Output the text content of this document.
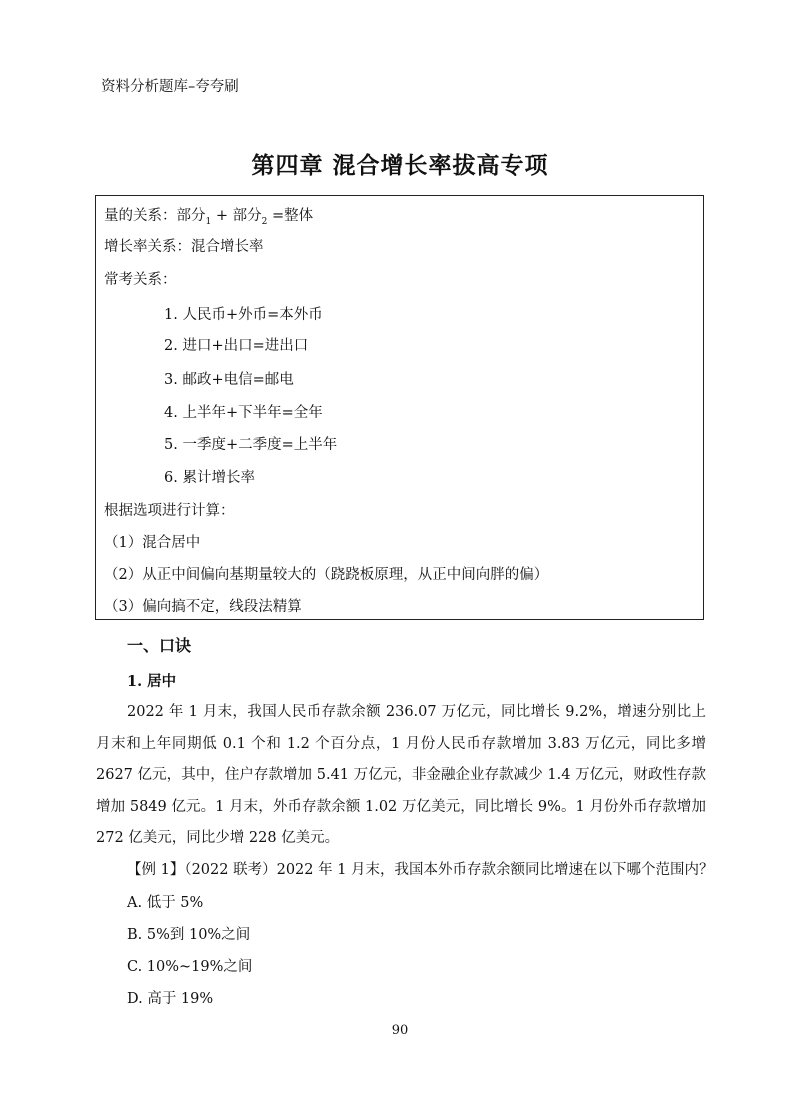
资料分析题库–夸夸刷
第四章 混合增长率拔高专项
量的关系：部分$_1$ + 部分$_2$ =整体
增长率关系：混合增长率
常考关系：
1. 人民币+外币=本外币
2. 进口+出口=进出口
3. 邮政+电信=邮电
4. 上半年+下半年=全年
5. 一季度+二季度=上半年
6. 累计增长率
根据选项进行计算：
（1）混合居中
（2）从正中间偏向基期量较大的（跷跷板原理，从正中间向胖的偏）
（3）偏向搞不定，线段法精算
一、口诀
1. 居中
2022 年 1 月末，我国人民币存款余额 236.07 万亿元，同比增长 9.2%，增速分别比上月末和上年同期低 0.1 个和 1.2 个百分点，1 月份人民币存款增加 3.83 万亿元，同比多增 2627 亿元，其中，住户存款增加 5.41 万亿元，非金融企业存款减少 1.4 万亿元，财政性存款增加 5849 亿元。1 月末，外币存款余额 1.02 万亿美元，同比增长 9%。1 月份外币存款增加 272 亿美元，同比少增 228 亿美元。
【例 1】（2022 联考）2022 年 1 月末，我国本外币存款余额同比增速在以下哪个范围内？
A. 低于 5%
B. 5%到 10%之间
C. 10%~19%之间
D. 高于 19%
90
